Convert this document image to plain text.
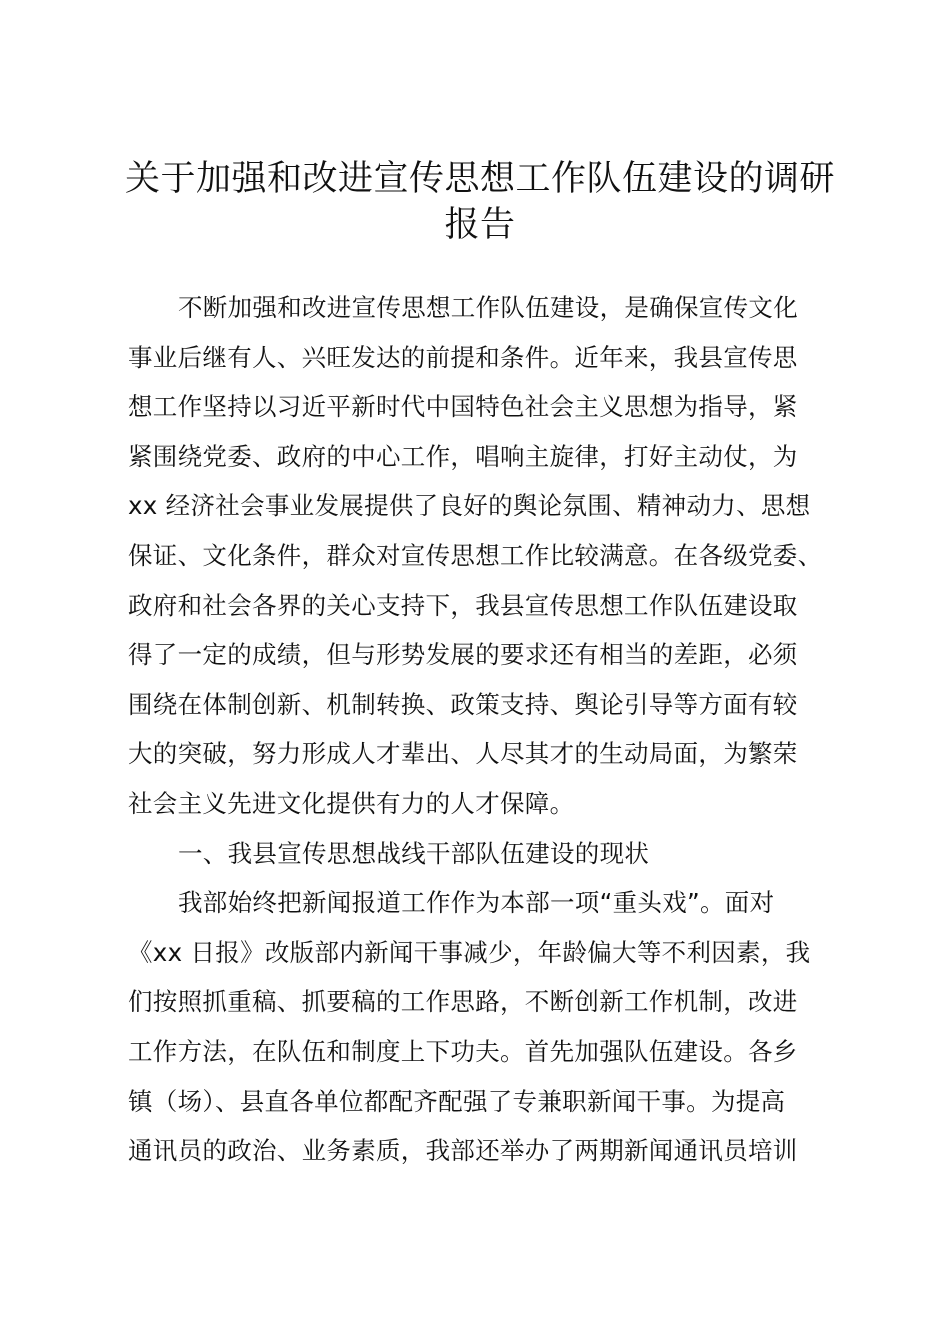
关于加强和改进宣传思想工作队伍建设的调研
报告
不断加强和改进宣传思想工作队伍建设，是确保宣传文化
事业后继有人、兴旺发达的前提和条件。近年来，我县宣传思
想工作坚持以习近平新时代中国特色社会主义思想为指导，紧
紧围绕党委、政府的中心工作，唱响主旋律，打好主动仗，为
xx 经济社会事业发展提供了良好的舆论氛围、精神动力、思想
保证、文化条件，群众对宣传思想工作比较满意。在各级党委、
政府和社会各界的关心支持下，我县宣传思想工作队伍建设取
得了一定的成绩，但与形势发展的要求还有相当的差距，必须
围绕在体制创新、机制转换、政策支持、舆论引导等方面有较
大的突破，努力形成人才辈出、人尽其才的生动局面，为繁荣
社会主义先进文化提供有力的人才保障。
一、我县宣传思想战线干部队伍建设的现状
我部始终把新闻报道工作作为本部一项“重头戏”。面对
《xx 日报》改版部内新闻干事减少，年龄偏大等不利因素，我
们按照抓重稿、抓要稿的工作思路，不断创新工作机制，改进
工作方法，在队伍和制度上下功夫。首先加强队伍建设。各乡
镇（场）、县直各单位都配齐配强了专兼职新闻干事。为提高
通讯员的政治、业务素质，我部还举办了两期新闻通讯员培训
